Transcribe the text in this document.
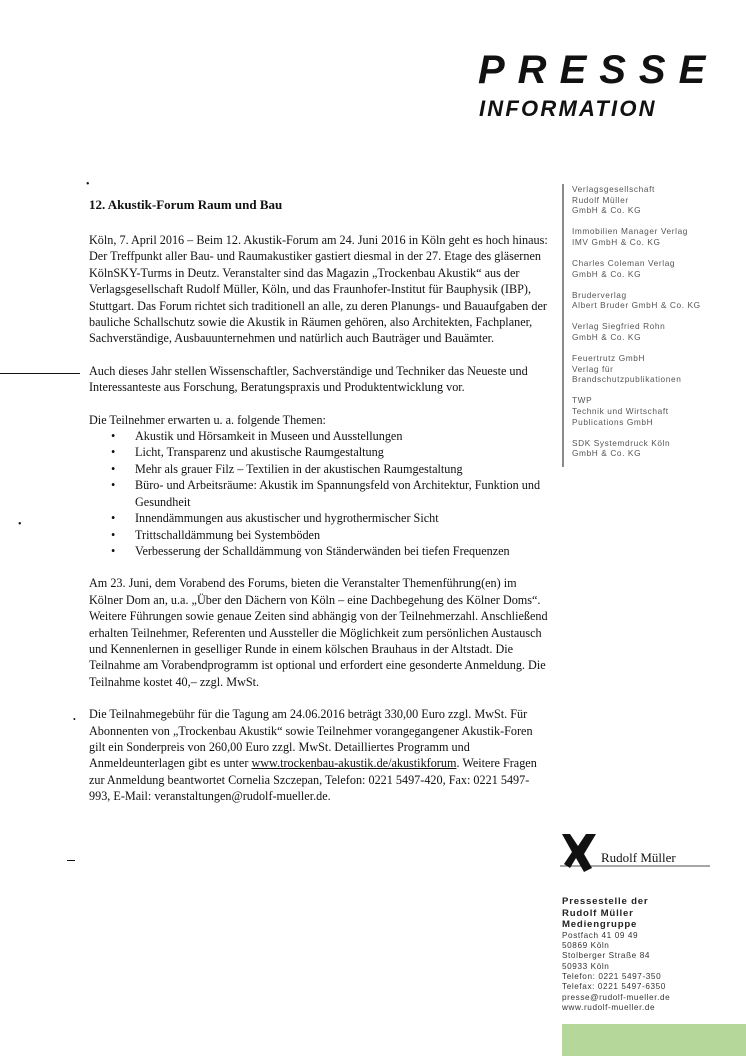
PRESSE
INFORMATION
•
•
•
12. Akustik-Forum Raum und Bau

Köln, 7. April 2016 – Beim 12. Akustik-Forum am 24. Juni 2016 in Köln geht es hoch hinaus: Der Treffpunkt aller Bau- und Raumakustiker gastiert diesmal in der 27. Etage des gläsernen KölnSKY-Turms in Deutz. Veranstalter sind das Magazin „Trockenbau Akustik“ aus der Verlagsgesellschaft Rudolf Müller, Köln, und das Fraunhofer-Institut für Bauphysik (IBP), Stuttgart. Das Forum richtet sich traditionell an alle, zu deren Planungs- und Bauaufgaben der bauliche Schallschutz sowie die Akustik in Räumen gehören, also Architekten, Fachplaner, Sachverständige, Ausbauunternehmen und natürlich auch Bauträger und Bauämter.

Auch dieses Jahr stellen Wissenschaftler, Sachverständige und Techniker das Neueste und Interessanteste aus Forschung, Beratungspraxis und Produktentwicklung vor.

Die Teilnehmer erwarten u. a. folgende Themen:
• Akustik und Hörsamkeit in Museen und Ausstellungen
• Licht, Transparenz und akustische Raumgestaltung
• Mehr als grauer Filz – Textilien in der akustischen Raumgestaltung
• Büro- und Arbeitsräume: Akustik im Spannungsfeld von Architektur, Funktion und Gesundheit
• Innendämmungen aus akustischer und hygrothermischer Sicht
• Trittschalldämmung bei Systemböden
• Verbesserung der Schalldämmung von Ständerwänden bei tiefen Frequenzen

Am 23. Juni, dem Vorabend des Forums, bieten die Veranstalter Themenführung(en) im Kölner Dom an, u.a. „Über den Dächern von Köln – eine Dachbegehung des Kölner Doms“. Weitere Führungen sowie genaue Zeiten sind abhängig von der Teilnehmerzahl. Anschließend erhalten Teilnehmer, Referenten und Aussteller die Möglichkeit zum persönlichen Austausch und Kennenlernen in geselliger Runde in einem kölschen Brauhaus in der Altstadt. Die Teilnahme am Vorabendprogramm ist optional und erfordert eine gesonderte Anmeldung. Die Teilnahme kostet 40,– zzgl. MwSt.

Die Teilnahmegebühr für die Tagung am 24.06.2016 beträgt 330,00 Euro zzgl. MwSt. Für Abonnenten von „Trockenbau Akustik“ sowie Teilnehmer vorangegangener Akustik-Foren gilt ein Sonderpreis von 260,00 Euro zzgl. MwSt. Detailliertes Programm und Anmeldeunterlagen gibt es unter www.trockenbau-akustik.de/akustikforum. Weitere Fragen zur Anmeldung beantwortet Cornelia Szczepan, Telefon: 0221 5497-420, Fax: 0221 5497-993, E-Mail: veranstaltungen@rudolf-mueller.de.

Verlagsgesellschaft
Rudolf Müller
GmbH & Co. KG
Immobilien Manager Verlag
IMV GmbH & Co. KG
Charles Coleman Verlag
GmbH & Co. KG
Bruderverlag
Albert Bruder GmbH & Co. KG
Verlag Siegfried Rohn
GmbH & Co. KG
Feuertrutz GmbH
Verlag für
Brandschutzpublikationen
TWP
Technik und Wirtschaft
Publications GmbH
SDK Systemdruck Köln
GmbH & Co. KG
Rudolf Müller
Pressestelle der
Rudolf Müller
Mediengruppe
Postfach 41 09 49
50869 Köln
Stolberger Straße 84
50933 Köln
Telefon: 0221 5497-350
Telefax: 0221 5497-6350
presse@rudolf-mueller.de
www.rudolf-mueller.de
